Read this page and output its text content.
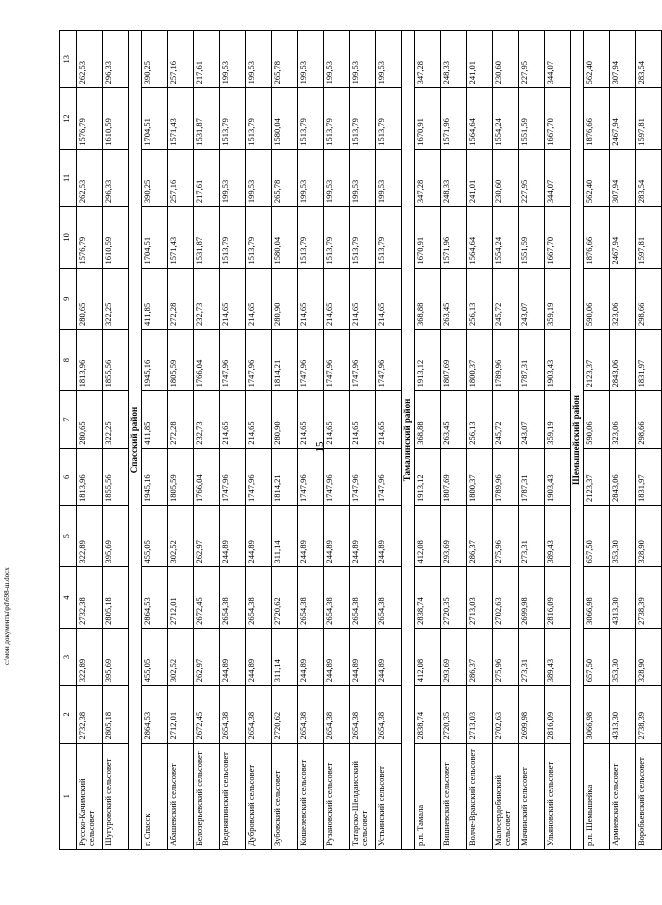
15
c:\мои документы\pd\698-ш.docx
1	2	3	4	5	6	7	8	9	10	11	12	13
Русско-Качимский сельсовет	2732,38	322,89	2732,38	322,89	1813,96	280,65	1813,96	280,65	1576,79	262,53	1576,79	262,53
Шугуровский сельсовет	2805,18	395,69	2805,18	395,69	1855,56	322,25	1855,56	322,25	1610,59	296,33	1610,59	296,33
Спасский район												
г. Спасск	2864,53	455,05	2864,53	455,05	1945,16	411,85	1945,16	411,85	1704,51	390,25	1704,51	390,25
Абашевский сельсовет	2712,01	302,52	2712,01	302,52	1805,59	272,28	1805,59	272,28	1571,43	257,16	1571,43	257,16
Белозерьевский сельсовет	2672,45	262,97	2672,45	262,97	1766,04	232,73	1766,04	232,73	1531,87	217,61	1531,87	217,61
Веденяпинский сельсовет	2654,38	244,89	2654,38	244,89	1747,96	214,65	1747,96	214,65	1513,79	199,53	1513,79	199,53
Дубровский сельсовет	2654,38	244,89	2654,38	244,89	1747,96	214,65	1747,96	214,65	1513,79	199,53	1513,79	199,53
Зубовский сельсовет	2720,62	311,14	2720,62	311,14	1814,21	280,90	1814,21	280,90	1580,04	265,78	1580,04	265,78
Кошелевский сельсовет	2654,38	244,89	2654,38	244,89	1747,96	214,65	1747,96	214,65	1513,79	199,53	1513,79	199,53
Рузановский сельсовет	2654,38	244,89	2654,38	244,89	1747,96	214,65	1747,96	214,65	1513,79	199,53	1513,79	199,53
Татарско-Шелдаисский сельсовет	2654,38	244,89	2654,38	244,89	1747,96	214,65	1747,96	214,65	1513,79	199,53	1513,79	199,53
Устьинский сельсовет	2654,38	244,89	2654,38	244,89	1747,96	214,65	1747,96	214,65	1513,79	199,53	1513,79	199,53
Тамалинский район												
р.п. Тамала	2838,74	412,08	2838,74	412,08	1913,12	368,88	1913,12	368,88	1670,91	347,28	1670,91	347,28
Вишневский сельсовет	2720,35	293,69	2720,35	293,69	1807,69	263,45	1807,69	263,45	1571,96	248,33	1571,96	248,33
Волче-Вракский сельсовет	2713,03	286,37	2713,03	286,37	1800,37	256,13	1800,37	256,13	1564,64	241,01	1564,64	241,01
Малосердобинский сельсовет	2702,63	275,96	2702,63	275,96	1789,96	245,72	1789,96	245,72	1554,24	230,60	1554,24	230,60
Мачинский сельсовет	2699,98	273,31	2699,98	273,31	1787,31	243,07	1787,31	243,07	1551,59	227,95	1551,59	227,95
Ульяновский сельсовет	2816,09	389,43	2816,09	389,43	1903,43	359,19	1903,43	359,19	1667,70	344,07	1667,70	344,07
Шемышейский район												
р.п. Шемышейка	3066,98	657,50	3066,98	657,50	2123,37	590,06	2123,37	590,06	1876,66	562,40	1876,66	562,40
Армиевский сельсовет	4313,30	353,30	4313,30	353,30	2843,06	323,06	2843,06	323,06	2467,94	307,94	2467,94	307,94
Воробьевский сельсовет	2738,39	328,90	2738,39	328,90	1831,97	298,66	1831,97	298,66	1597,81	283,54	1597,81	283,54
